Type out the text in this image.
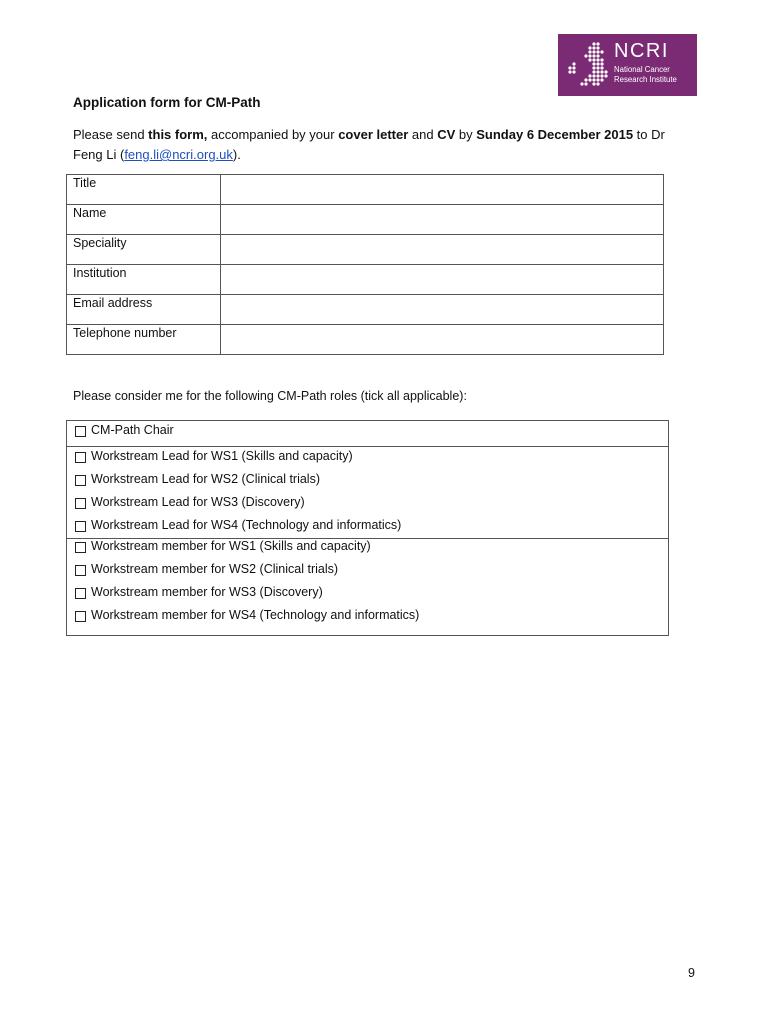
NCRI
National Cancer
Research Institute
Application form for CM-Path
Please send this form, accompanied by your cover letter and CV by Sunday 6 December 2015 to Dr Feng Li (feng.li@ncri.org.uk).
Title	
Name	
Speciality	
Institution	
Email address	
Telephone number	
Please consider me for the following CM-Path roles (tick all applicable):
CM-Path Chair
Workstream Lead for WS1 (Skills and capacity)
Workstream Lead for WS2 (Clinical trials)
Workstream Lead for WS3 (Discovery)
Workstream Lead for WS4 (Technology and informatics)
Workstream member for WS1 (Skills and capacity)
Workstream member for WS2 (Clinical trials)
Workstream member for WS3 (Discovery)
Workstream member for WS4 (Technology and informatics)
9
